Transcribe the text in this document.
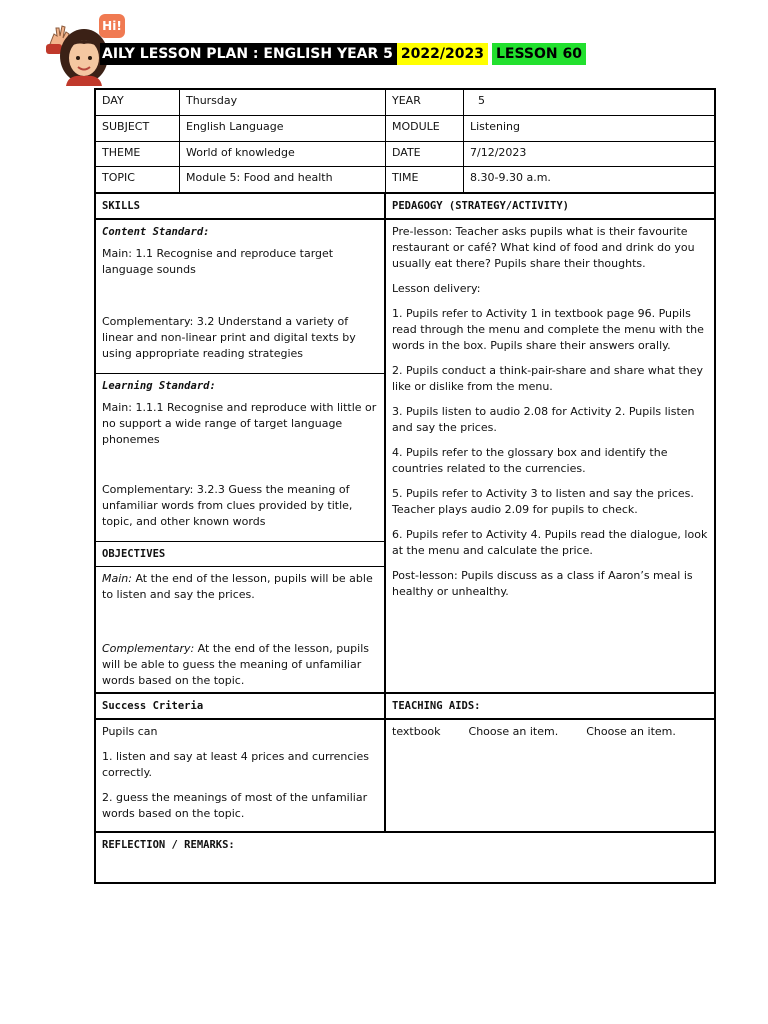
Hi!
AILY LESSON PLAN : ENGLISH YEAR 5 2022/2023 LESSON 60
DAY	Thursday	YEAR	5
SUBJECT	English Language	MODULE	Listening
THEME	World of knowledge	DATE	7/12/2023
TOPIC	Module 5: Food and health	TIME	8.30-9.30 a.m.
SKILLS	PEDAGOGY (STRATEGY/ACTIVITY)

Content Standard:

Main: 1.1 Recognise and reproduce target language sounds

Complementary: 3.2 Understand a variety of linear and non-linear print and digital texts by using appropriate reading strategies

Learning Standard:

Main: 1.1.1 Recognise and reproduce with little or no support a wide range of target language phonemes

Complementary: 3.2.3 Guess the meaning of unfamiliar words from clues provided by title, topic, and other known words

OBJECTIVES

Main: At the end of the lesson, pupils will be able to listen and say the prices.

Complementary: At the end of the lesson, pupils will be able to guess the meaning of unfamiliar words based on the topic.

Pre-lesson: Teacher asks pupils what is their favourite restaurant or café? What kind of food and drink do you usually eat there? Pupils share their thoughts.

Lesson delivery:

1. Pupils refer to Activity 1 in textbook page 96. Pupils read through the menu and complete the menu with the words in the box. Pupils share their answers orally.

2. Pupils conduct a think-pair-share and share what they like or dislike from the menu.

3. Pupils listen to audio 2.08 for Activity 2. Pupils listen and say the prices.

4. Pupils refer to the glossary box and identify the countries related to the currencies.

5. Pupils refer to Activity 3 to listen and say the prices. Teacher plays audio 2.09 for pupils to check.

6. Pupils refer to Activity 4. Pupils read the dialogue, look at the menu and calculate the price.

Post-lesson: Pupils discuss as a class if Aaron’s meal is healthy or unhealthy.

Success Criteria	TEACHING AIDS:

Pupils can

1. listen and say at least 4 prices and currencies correctly.

2. guess the meanings of most of the unfamiliar words based on the topic.

textbook	Choose an item.	Choose an item.
REFLECTION / REMARKS:
